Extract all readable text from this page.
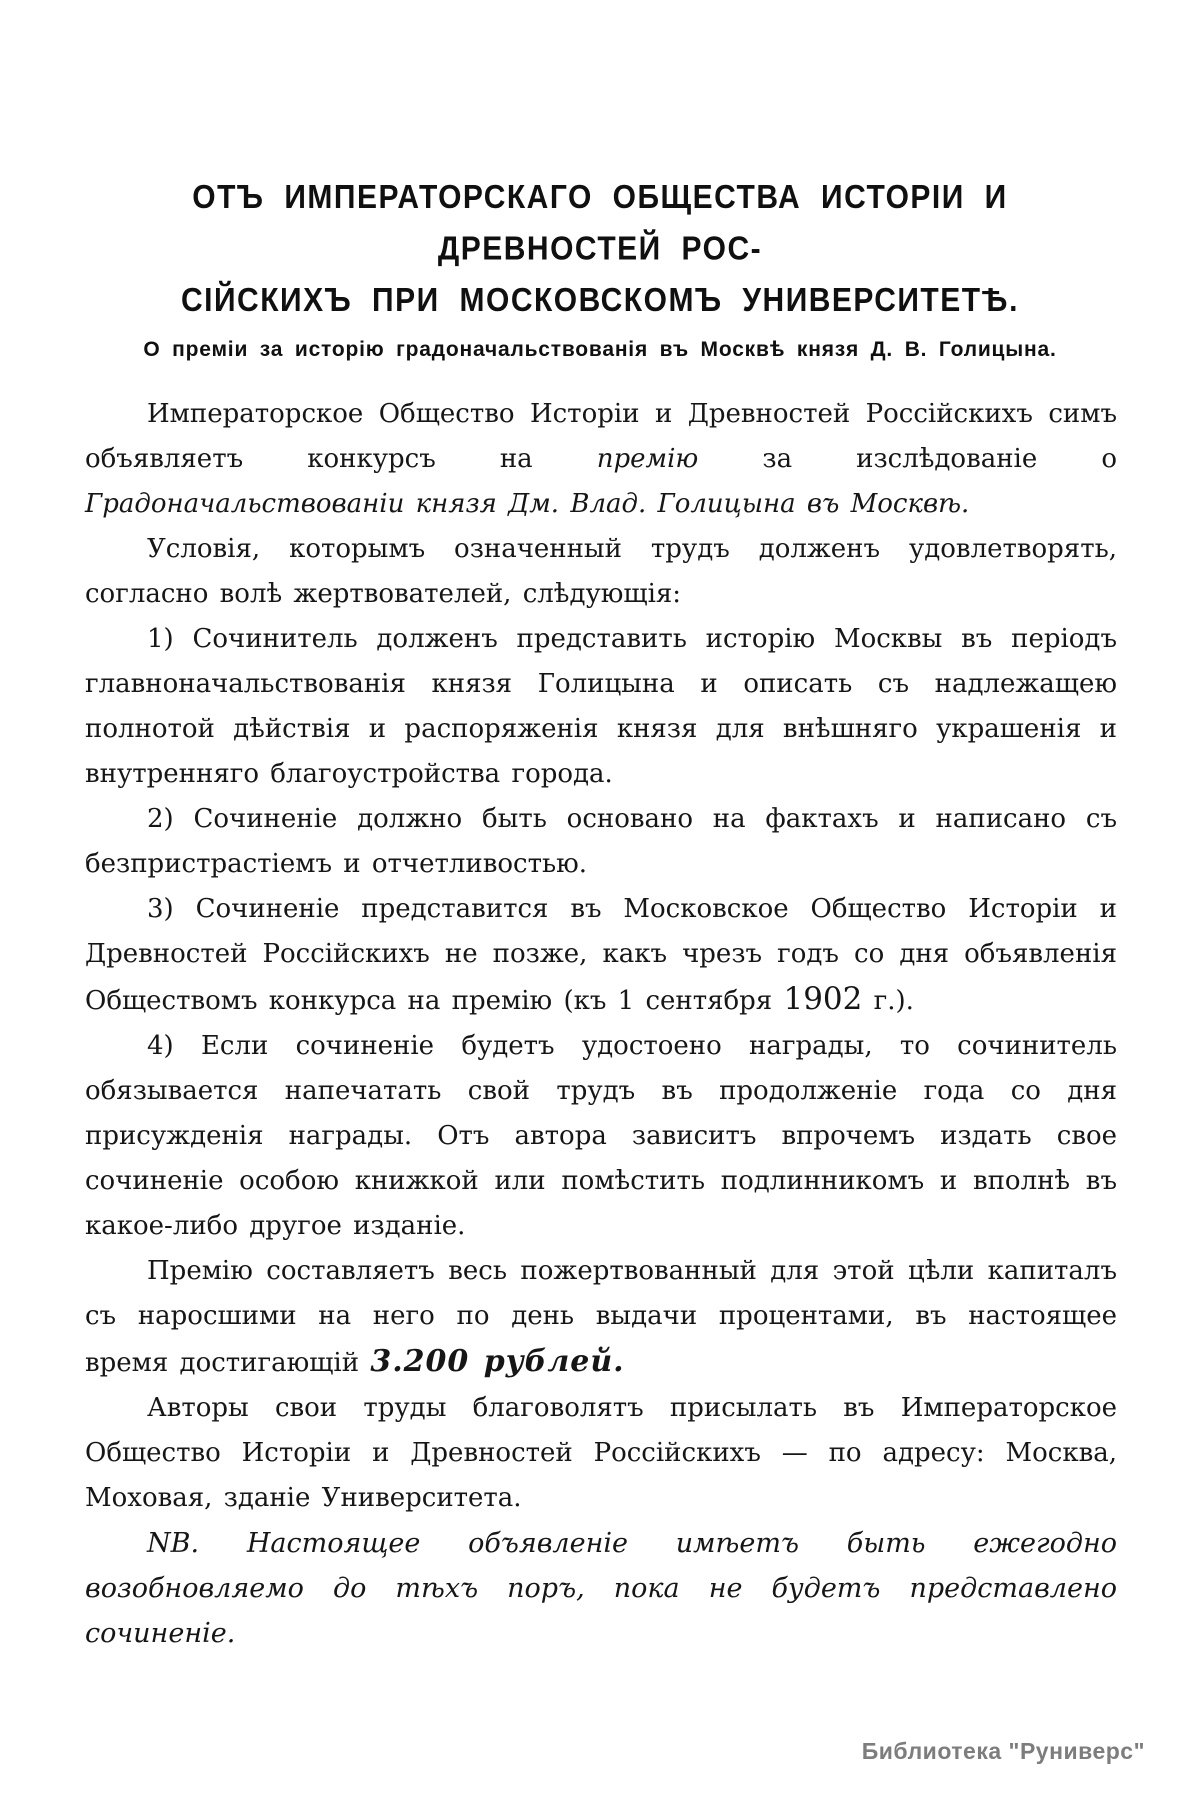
ОТЪ ИМПЕРАТОРСКАГО ОБЩЕСТВА ИСТОРІИ И ДРЕВНОСТЕЙ РОС-
СІЙСКИХЪ ПРИ МОСКОВСКОМЪ УНИВЕРСИТЕТѢ.
О преміи за исторію градоначальствованія въ Москвѣ князя Д. В. Голицына.

Императорское Общество Исторіи и Древностей Россійскихъ симъ объявляетъ конкурсъ на премію за изслѣдованіе о Градоначальствованіи князя Дм. Влад. Голицына въ Москвѣ.

Условія, которымъ означенный трудъ долженъ удовлетворять, согласно волѣ жертвователей, слѣдующія:

1) Сочинитель долженъ представить исторію Москвы въ періодъ главноначальствованія князя Голицына и описать съ надлежащею полнотой дѣйствія и распоряженія князя для внѣшняго украшенія и внутренняго благоустройства города.

2) Сочиненіе должно быть основано на фактахъ и написано съ безпристрастіемъ и отчетливостью.

3) Сочиненіе представится въ Московское Общество Исторіи и Древностей Россійскихъ не позже, какъ чрезъ годъ со дня объявленія Обществомъ конкурса на премію (къ 1 сентября 1902 г.).

4) Если сочиненіе будетъ удостоено награды, то сочинитель обязывается напечатать свой трудъ въ продолженіе года со дня присужденія награды. Отъ автора зависитъ впрочемъ издать свое сочиненіе особою книжкой или помѣстить подлинникомъ и вполнѣ въ какое-либо другое изданіе.

Премію составляетъ весь пожертвованный для этой цѣли капиталъ съ наросшими на него по день выдачи процентами, въ настоящее время достигающій 3.200 рублей.

Авторы свои труды благоволятъ присылать въ Императорское Общество Исторіи и Древностей Россійскихъ — по адресу: Москва, Моховая, зданіе Университета.

NB. Настоящее объявленіе имѣетъ быть ежегодно возобновляемо до тѣхъ поръ, пока не будетъ представлено сочиненіе.

Библиотека "Руниверс"
